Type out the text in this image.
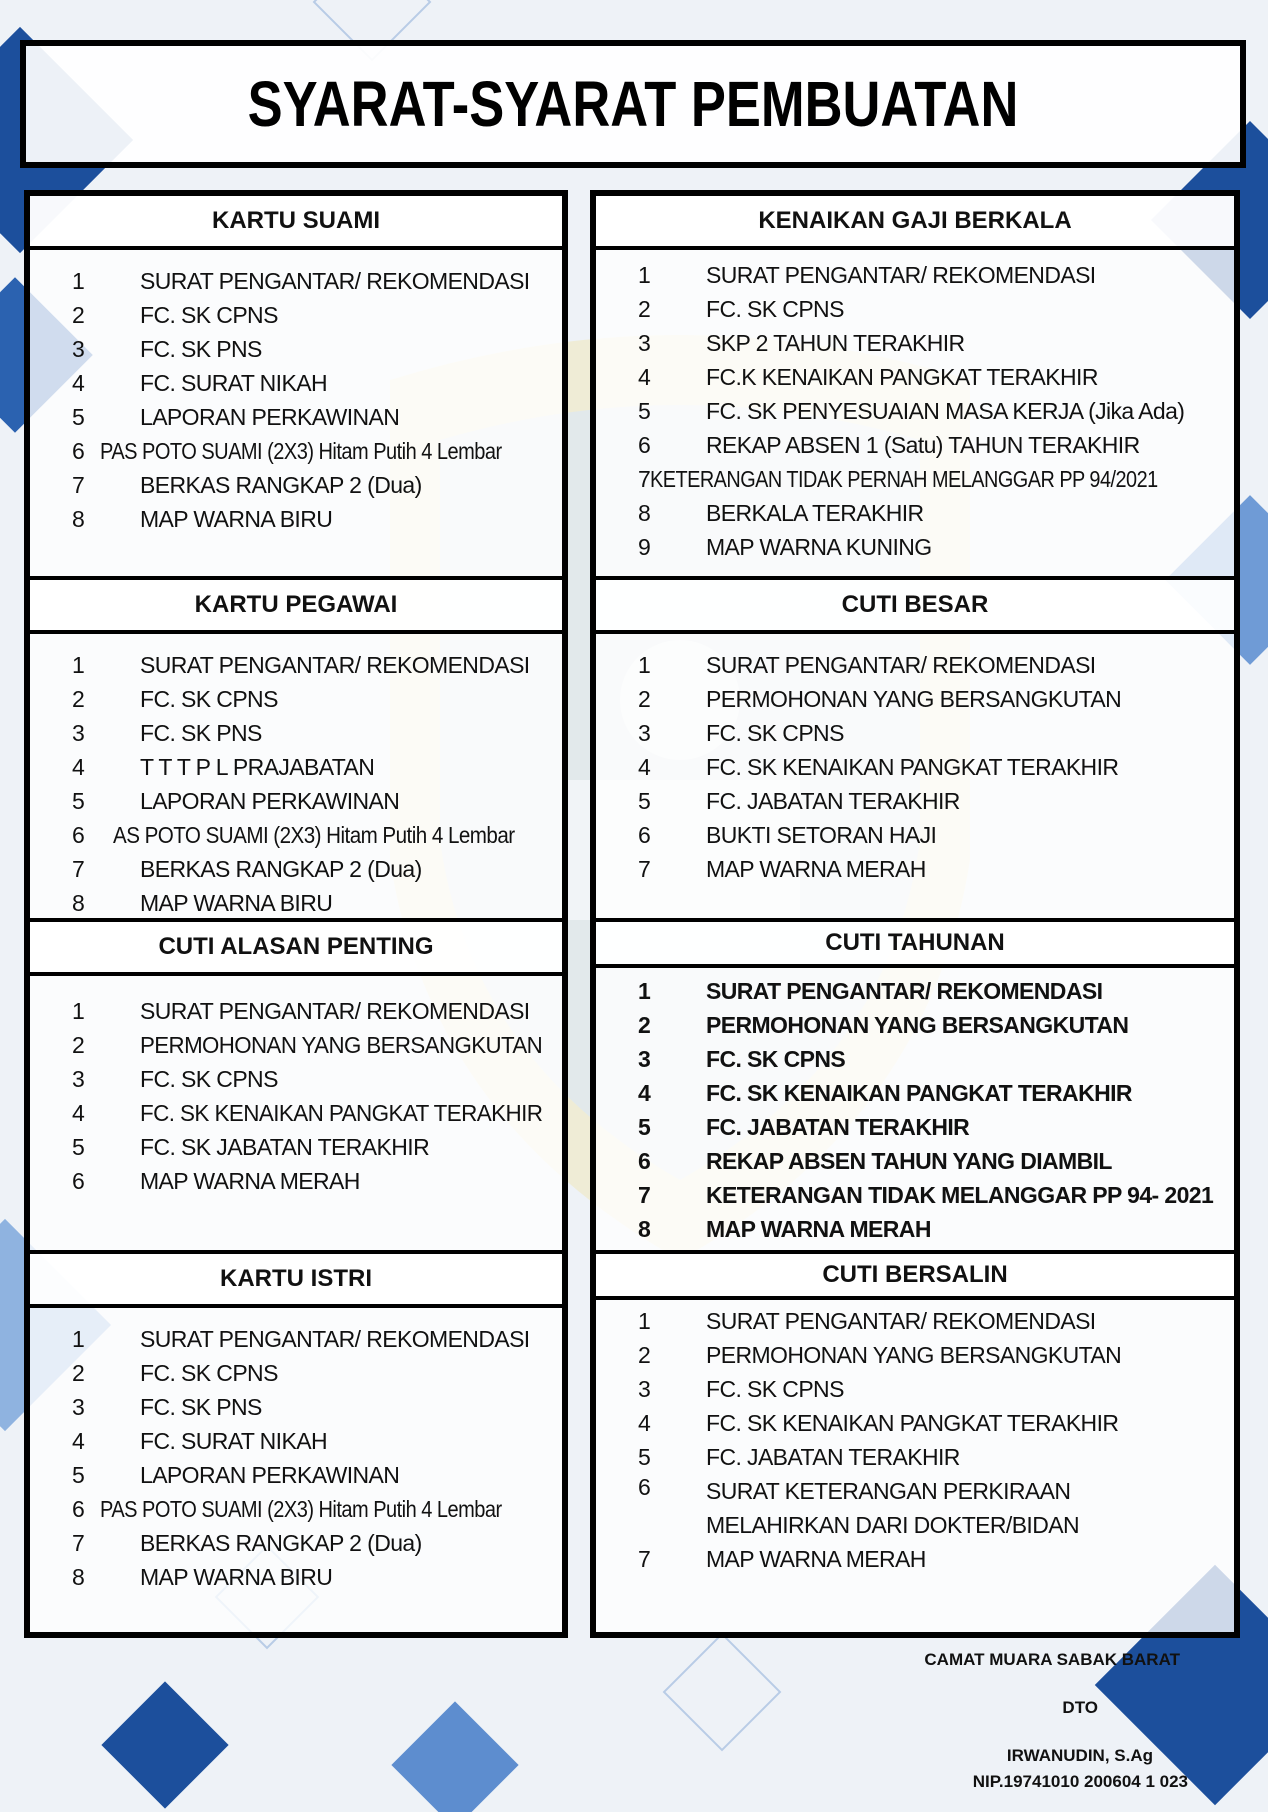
SYARAT-SYARAT PEMBUATAN
KARTU SUAMI
1	SURAT PENGANTAR/ REKOMENDASI
2	FC. SK CPNS
3	FC. SK PNS
4	FC. SURAT NIKAH
5	LAPORAN PERKAWINAN
6 PAS POTO SUAMI (2X3) Hitam Putih 4 Lembar
7	BERKAS RANGKAP 2 (Dua)
8	MAP WARNA BIRU
KARTU PEGAWAI
1	SURAT PENGANTAR/ REKOMENDASI
2	FC. SK CPNS
3	FC. SK PNS
4	T T T P L PRAJABATAN
5	LAPORAN PERKAWINAN
6	AS POTO SUAMI (2X3) Hitam Putih 4 Lembar
7	BERKAS RANGKAP 2 (Dua)
8	MAP WARNA BIRU
CUTI ALASAN PENTING
1	SURAT PENGANTAR/ REKOMENDASI
2	PERMOHONAN YANG BERSANGKUTAN
3	FC. SK CPNS
4	FC. SK KENAIKAN PANGKAT TERAKHIR
5	FC. SK JABATAN TERAKHIR
6	MAP WARNA MERAH
KARTU ISTRI
1	SURAT PENGANTAR/ REKOMENDASI
2	FC. SK CPNS
3	FC. SK PNS
4	FC. SURAT NIKAH
5	LAPORAN PERKAWINAN
6 PAS POTO SUAMI (2X3) Hitam Putih 4 Lembar
7	BERKAS RANGKAP 2 (Dua)
8	MAP WARNA BIRU
KENAIKAN GAJI BERKALA
1	SURAT PENGANTAR/ REKOMENDASI
2	FC. SK CPNS
3	SKP 2 TAHUN TERAKHIR
4	FC.K KENAIKAN PANGKAT TERAKHIR
5	FC. SK PENYESUAIAN MASA KERJA (Jika Ada)
6	REKAP ABSEN 1 (Satu) TAHUN TERAKHIR
7 KETERANGAN TIDAK PERNAH MELANGGAR PP 94/2021
8	BERKALA TERAKHIR
9	MAP WARNA KUNING
CUTI BESAR
1	SURAT PENGANTAR/ REKOMENDASI
2	PERMOHONAN YANG BERSANGKUTAN
3	FC. SK CPNS
4	FC. SK KENAIKAN PANGKAT TERAKHIR
5	FC. JABATAN TERAKHIR
6	BUKTI SETORAN HAJI
7	MAP WARNA MERAH
CUTI TAHUNAN
1	SURAT PENGANTAR/ REKOMENDASI
2	PERMOHONAN YANG BERSANGKUTAN
3	FC. SK CPNS
4	FC. SK KENAIKAN PANGKAT TERAKHIR
5	FC. JABATAN TERAKHIR
6	REKAP ABSEN TAHUN YANG DIAMBIL
7	KETERANGAN TIDAK MELANGGAR PP 94- 2021
8	MAP WARNA MERAH
CUTI BERSALIN
1	SURAT PENGANTAR/ REKOMENDASI
2	PERMOHONAN YANG BERSANGKUTAN
3	FC. SK CPNS
4	FC. SK KENAIKAN PANGKAT TERAKHIR
5	FC. JABATAN TERAKHIR
6	SURAT KETERANGAN PERKIRAAN MELAHIRKAN DARI DOKTER/BIDAN
7	MAP WARNA MERAH
CAMAT MUARA SABAK BARAT
DTO
IRWANUDIN, S.Ag
NIP.19741010 200604 1 023
